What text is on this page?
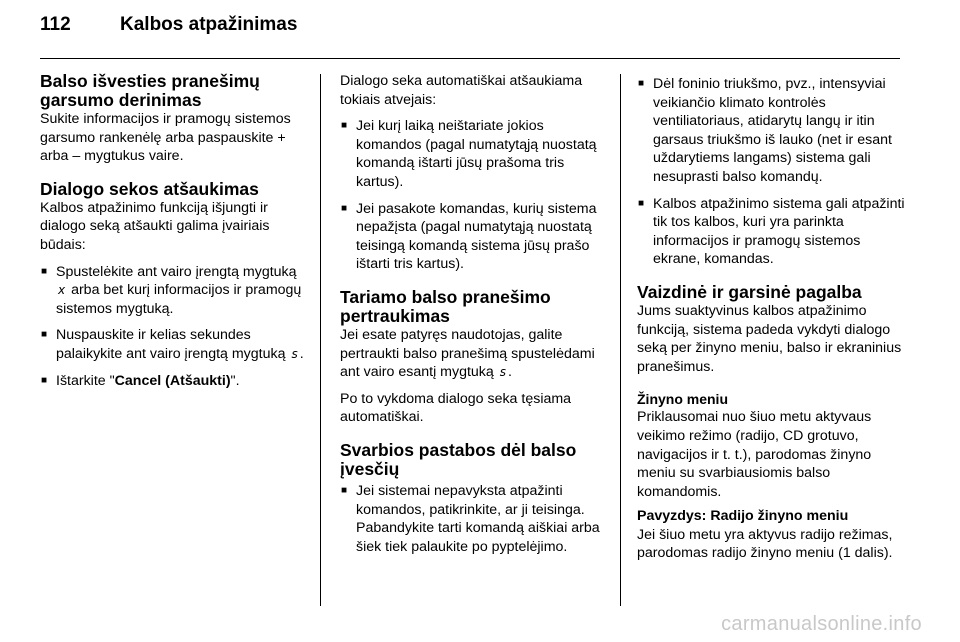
112	Kalbos atpažinimas
Balso išvesties pranešimų garsumo derinimas

Sukite informacijos ir pramogų sistemos garsumo rankenėlę arba paspauskite + arba – mygtukus vaire.

Dialogo sekos atšaukimas

Kalbos atpažinimo funkciją išjungti ir dialogo seką atšaukti galima įvairiais būdais:

■ Spustelėkite ant vairo įrengtą mygtuką x arba bet kurį informacijos ir pramogų sistemos mygtuką.
■ Nuspauskite ir kelias sekundes palaikykite ant vairo įrengtą mygtuką s .
■ Ištarkite "Cancel (Atšaukti)".

Dialogo seka automatiškai atšaukiama tokiais atvejais:

■ Jei kurį laiką neištariate jokios komandos (pagal numatytąją nuostatą komandą ištarti jūsų prašoma tris kartus).
■ Jei pasakote komandas, kurių sistema nepažįsta (pagal numatytąją nuostatą teisingą komandą sistema jūsų prašo ištarti tris kartus).
Tariamo balso pranešimo pertraukimas

Jei esate patyręs naudotojas, galite pertraukti balso pranešimą spustelėdami ant vairo esantį mygtuką s .

Po to vykdoma dialogo seka tęsiama automatiškai.

Svarbios pastabos dėl balso įvesčių
■ Jei sistemai nepavyksta atpažinti komandos, patikrinkite, ar ji teisinga. Pabandykite tarti komandą aiškiai arba šiek tiek palaukite po pyptelėjimo.
■ Dėl foninio triukšmo, pvz., intensyviai veikiančio klimato kontrolės ventiliatoriaus, atidarytų langų ir itin garsaus triukšmo iš lauko (net ir esant uždarytiems langams) sistema gali nesuprasti balso komandų.
■ Kalbos atpažinimo sistema gali atpažinti tik tos kalbos, kuri yra parinkta informacijos ir pramogų sistemos ekrane, komandas.
Vaizdinė ir garsinė pagalba

Jums suaktyvinus kalbos atpažinimo funkciją, sistema padeda vykdyti dialogo seką per žinyno meniu, balso ir ekraninius pranešimus.

Žinyno meniu

Priklausomai nuo šiuo metu aktyvaus veikimo režimo (radijo, CD grotuvo, navigacijos ir t. t.), parodomas žinyno meniu su svarbiausiomis balso komandomis.

Pavyzdys: Radijo žinyno meniu

Jei šiuo metu yra aktyvus radijo režimas, parodomas radijo žinyno meniu (1 dalis).

carmanualsonline.info
